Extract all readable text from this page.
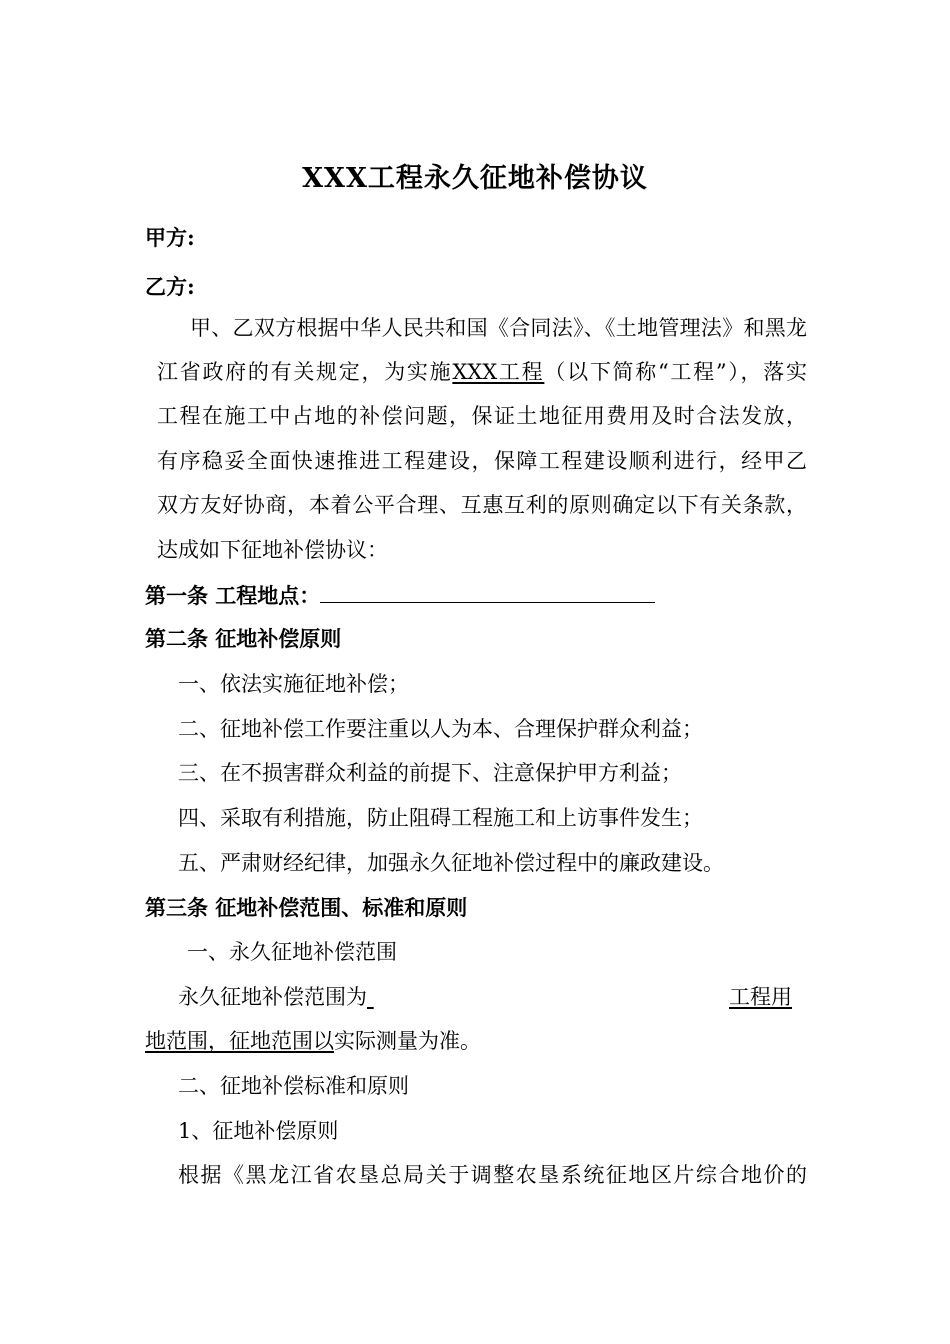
XXX工程永久征地补偿协议
甲方:
乙方:
甲、乙双方根据中华人民共和国《合同法》、《土地管理法》和黑龙
江省政府的有关规定，为实施XXX工程（以下简称“工程”），落实
工程在施工中占地的补偿问题，保证土地征用费用及时合法发放，
有序稳妥全面快速推进工程建设，保障工程建设顺利进行，经甲乙
双方友好协商，本着公平合理、互惠互利的原则确定以下有关条款，
达成如下征地补偿协议：
第一条 工程地点：
第二条 征地补偿原则
一、依法实施征地补偿；
二、征地补偿工作要注重以人为本、合理保护群众利益；
三、在不损害群众利益的前提下、注意保护甲方利益；
四、采取有利措施，防止阻碍工程施工和上访事件发生；
五、严肃财经纪律，加强永久征地补偿过程中的廉政建设。
第三条 征地补偿范围、标准和原则
一、永久征地补偿范围
永久征地补偿范围为	工程用
地范围，征地范围以实际测量为准。
二、征地补偿标准和原则
1、征地补偿原则
根据《黑龙江省农垦总局关于调整农垦系统征地区片综合地价的
